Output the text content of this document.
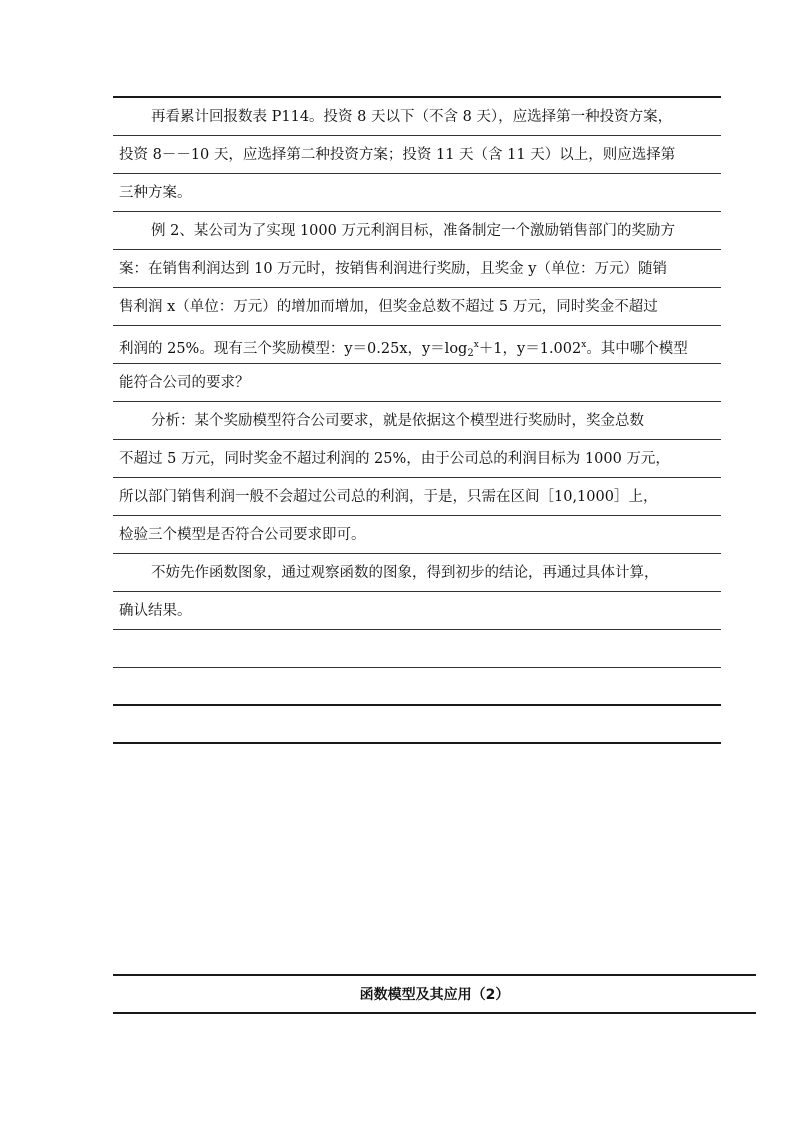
再看累计回报数表 P114。投资 8 天以下（不含 8 天），应选择第一种投资方案，
投资 8－－10 天，应选择第二种投资方案；投资 11 天（含 11 天）以上，则应选择第
三种方案。
例 2、某公司为了实现 1000 万元利润目标，准备制定一个激励销售部门的奖励方
案：在销售利润达到 10 万元时，按销售利润进行奖励，且奖金 y（单位：万元）随销
售利润 x（单位：万元）的增加而增加，但奖金总数不超过 5 万元，同时奖金不超过
利润的 25%。现有三个奖励模型：y＝0.25x，$y=\log_2^x+1$，$y=1.002^x$。其中哪个模型
能符合公司的要求？
分析：某个奖励模型符合公司要求，就是依据这个模型进行奖励时，奖金总数
不超过 5 万元，同时奖金不超过利润的 25%，由于公司总的利润目标为 1000 万元，
所以部门销售利润一般不会超过公司总的利润，于是，只需在区间［10,1000］上，
检验三个模型是否符合公司要求即可。
不妨先作函数图象，通过观察函数的图象，得到初步的结论，再通过具体计算，
确认结果。
函数模型及其应用（2）
